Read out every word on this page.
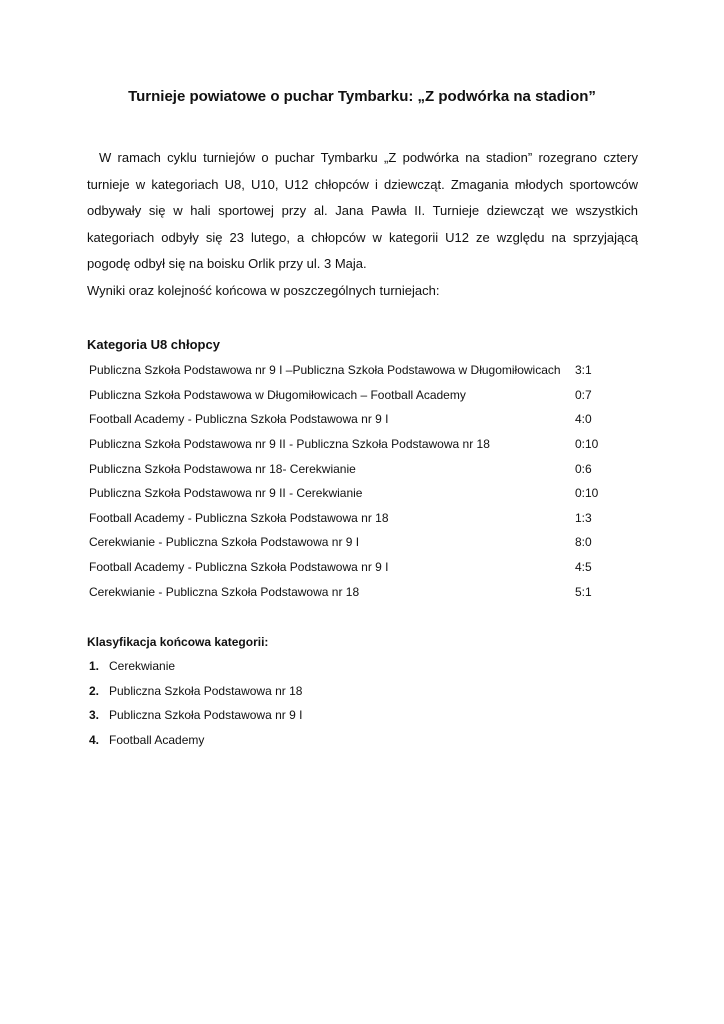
Turnieje powiatowe o puchar Tymbarku: „Z podwórka na stadion”

W ramach cyklu turniejów o puchar Tymbarku „Z podwórka na stadion” rozegrano cztery turnieje w kategoriach U8, U10, U12 chłopców i dziewcząt. Zmagania młodych sportowców odbywały się w hali sportowej przy al. Jana Pawła II. Turnieje dziewcząt we wszystkich kategoriach odbyły się 23 lutego, a chłopców w kategorii U12 ze względu na sprzyjającą pogodę odbył się na boisku Orlik przy ul. 3 Maja.

Wyniki oraz kolejność końcowa w poszczególnych turniejach:

Kategoria U8 chłopcy
Publiczna Szkoła Podstawowa nr 9 I –Publiczna Szkoła Podstawowa w Długomiłowicach	3:1
Publiczna Szkoła Podstawowa w Długomiłowicach – Football Academy	0:7
Football Academy - Publiczna Szkoła Podstawowa nr 9 I	4:0
Publiczna Szkoła Podstawowa nr 9 II - Publiczna Szkoła Podstawowa nr 18	0:10
Publiczna Szkoła Podstawowa nr 18- Cerekwianie	0:6
Publiczna Szkoła Podstawowa nr 9 II - Cerekwianie	0:10
Football Academy - Publiczna Szkoła Podstawowa nr 18	1:3
Cerekwianie - Publiczna Szkoła Podstawowa nr 9 I	8:0
Football Academy - Publiczna Szkoła Podstawowa nr 9 I	4:5
Cerekwianie - Publiczna Szkoła Podstawowa nr 18	5:1
Klasyfikacja końcowa kategorii:
1. Cerekwianie
2. Publiczna Szkoła Podstawowa nr 18
3. Publiczna Szkoła Podstawowa nr 9 I
4. Football Academy
